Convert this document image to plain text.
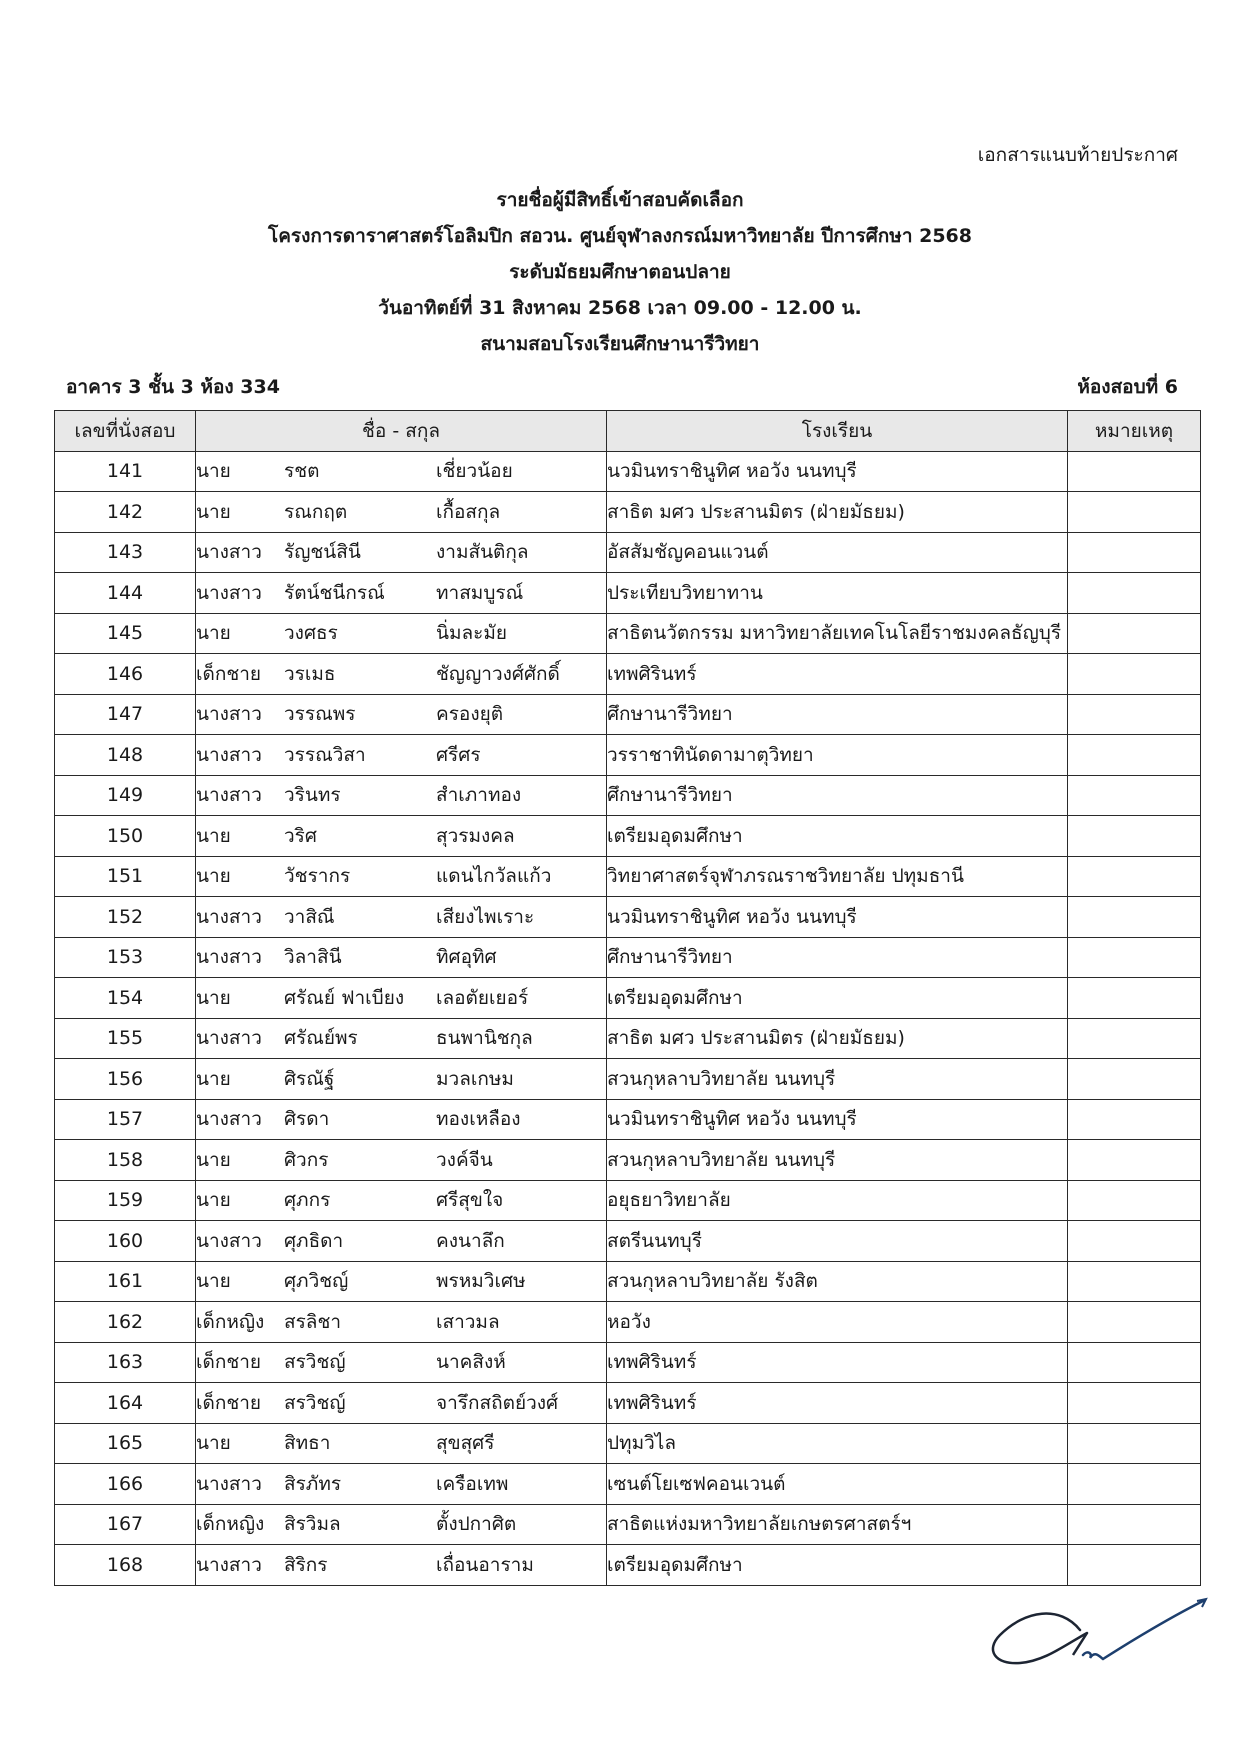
เอกสารแนบท้ายประกาศ
รายชื่อผู้มีสิทธิ์เข้าสอบคัดเลือก
โครงการดาราศาสตร์โอลิมปิก สอวน. ศูนย์จุฬาลงกรณ์มหาวิทยาลัย ปีการศึกษา 2568
ระดับมัธยมศึกษาตอนปลาย
วันอาทิตย์ที่ 31 สิงหาคม 2568 เวลา 09.00 - 12.00 น.
สนามสอบโรงเรียนศึกษานารีวิทยา
อาคาร 3 ชั้น 3 ห้อง 334	ห้องสอบที่ 6
เลขที่นั่งสอบ	ชื่อ - สกุล	โรงเรียน	หมายเหตุ
141	นาย รชต เชี่ยวน้อย	นวมินทราชินูทิศ หอวัง นนทบุรี	
142	นาย รณกฤต เกื้อสกุล	สาธิต มศว ประสานมิตร (ฝ่ายมัธยม)	
143	นางสาว รัญชน์สินี งามสันติกุล	อัสสัมชัญคอนแวนต์	
144	นางสาว รัตน์ชนีกรณ์ ทาสมบูรณ์	ประเทียบวิทยาทาน	
145	นาย วงศธร นิ่มละมัย	สาธิตนวัตกรรม มหาวิทยาลัยเทคโนโลยีราชมงคลธัญบุรี	
146	เด็กชาย วรเมธ ชัญญาวงศ์ศักดิ์	เทพศิรินทร์	
147	นางสาว วรรณพร ครองยุติ	ศึกษานารีวิทยา	
148	นางสาว วรรณวิสา ศรีศร	วรราชาทินัดดามาตุวิทยา	
149	นางสาว วรินทร สำเภาทอง	ศึกษานารีวิทยา	
150	นาย วริศ สุวรมงคล	เตรียมอุดมศึกษา	
151	นาย วัชรากร แดนไกวัลแก้ว	วิทยาศาสตร์จุฬาภรณราชวิทยาลัย ปทุมธานี	
152	นางสาว วาสิณี เสียงไพเราะ	นวมินทราชินูทิศ หอวัง นนทบุรี	
153	นางสาว วิลาสินี ทิศอุทิศ	ศึกษานารีวิทยา	
154	นาย ศรัณย์ ฟาเบียง เลอตัยเยอร์	เตรียมอุดมศึกษา	
155	นางสาว ศรัณย์พร ธนพานิชกุล	สาธิต มศว ประสานมิตร (ฝ่ายมัธยม)	
156	นาย ศิรณัฐ์ มวลเกษม	สวนกุหลาบวิทยาลัย นนทบุรี	
157	นางสาว ศิรดา ทองเหลือง	นวมินทราชินูทิศ หอวัง นนทบุรี	
158	นาย ศิวกร วงค์จีน	สวนกุหลาบวิทยาลัย นนทบุรี	
159	นาย ศุภกร ศรีสุขใจ	อยุธยาวิทยาลัย	
160	นางสาว ศุภธิดา คงนาลึก	สตรีนนทบุรี	
161	นาย ศุภวิชญ์ พรหมวิเศษ	สวนกุหลาบวิทยาลัย รังสิต	
162	เด็กหญิง สรลิชา เสาวมล	หอวัง	
163	เด็กชาย สรวิชญ์ นาคสิงห์	เทพศิรินทร์	
164	เด็กชาย สรวิชญ์ จารึกสถิตย์วงศ์	เทพศิรินทร์	
165	นาย สิทธา สุขสุศรี	ปทุมวิไล	
166	นางสาว สิรภัทร เครือเทพ	เซนต์โยเซฟคอนเวนต์	
167	เด็กหญิง สิรวิมล ตั้งปกาศิต	สาธิตแห่งมหาวิทยาลัยเกษตรศาสตร์ฯ	
168	นางสาว สิริกร เถื่อนอาราม	เตรียมอุดมศึกษา	
